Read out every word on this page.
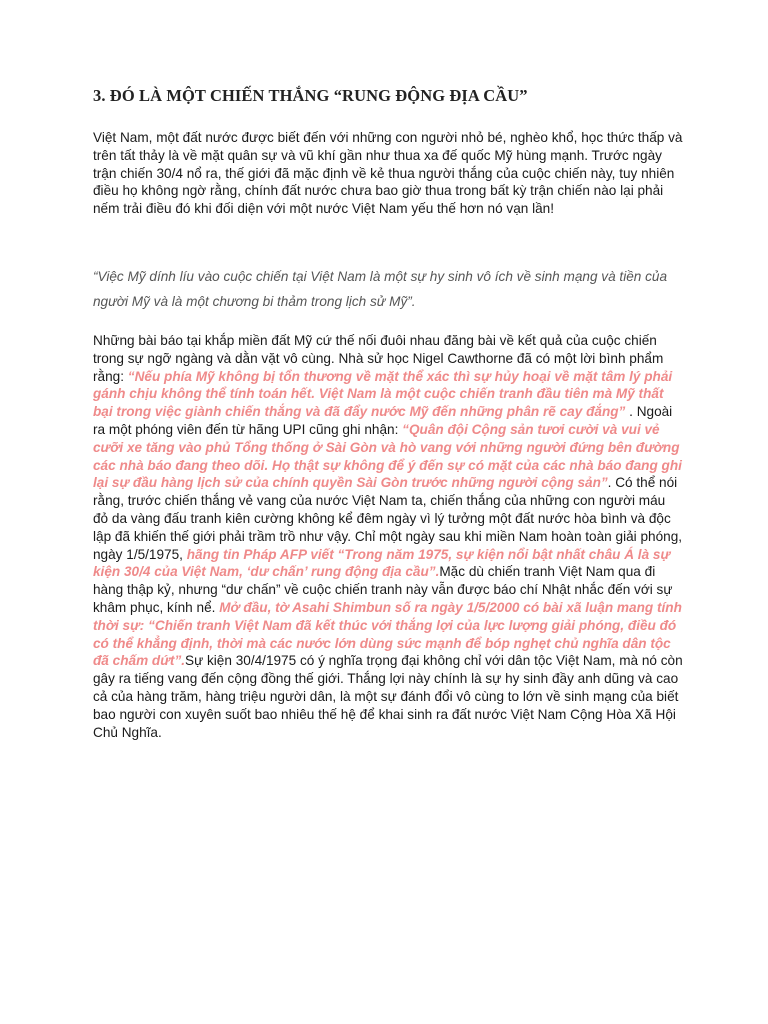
3. ĐÓ LÀ MỘT CHIẾN THẮNG “RUNG ĐỘNG ĐỊA CẦU”
Việt Nam, một đất nước được biết đến với những con người nhỏ bé, nghèo khổ, học thức thấp và trên tất thảy là về mặt quân sự và vũ khí gần như thua xa đế quốc Mỹ hùng mạnh. Trước ngày trận chiến 30/4 nổ ra, thế giới đã mặc định về kẻ thua người thắng của cuộc chiến này, tuy nhiên điều họ không ngờ rằng, chính đất nước chưa bao giờ thua trong bất kỳ trận chiến nào lại phải nếm trải điều đó khi đối diện với một nước Việt Nam yếu thế hơn nó vạn lần!
“Việc Mỹ dính líu vào cuộc chiến tại Việt Nam là một sự hy sinh vô ích về sinh mạng và tiền của người Mỹ và là một chương bi thảm trong lịch sử Mỹ”.
Những bài báo tại khắp miền đất Mỹ cứ thế nối đuôi nhau đăng bài về kết quả của cuộc chiến trong sự ngỡ ngàng và dằn vặt vô cùng. Nhà sử học Nigel Cawthorne đã có một lời bình phẩm rằng: “Nếu phía Mỹ không bị tổn thương về mặt thể xác thì sự hủy hoại về mặt tâm lý phải gánh chịu không thể tính toán hết. Việt Nam là một cuộc chiến tranh đầu tiên mà Mỹ thất bại trong việc giành chiến thắng và đã đẩy nước Mỹ đến những phân rẽ cay đắng” . Ngoài ra một phóng viên đến từ hãng UPI cũng ghi nhận: “Quân đội Cộng sản tươi cười và vui vẻ cưỡi xe tăng vào phủ Tổng thống ở Sài Gòn và hò vang với những người đứng bên đường các nhà báo đang theo dõi. Họ thật sự không để ý đến sự có mặt của các nhà báo đang ghi lại sự đầu hàng lịch sử của chính quyền Sài Gòn trước những người cộng sản”. Có thể nói rằng, trước chiến thắng vẻ vang của nước Việt Nam ta, chiến thắng của những con người máu đỏ da vàng đấu tranh kiên cường không kể đêm ngày vì lý tưởng một đất nước hòa bình và độc lập đã khiến thế giới phải trầm trồ như vậy. Chỉ một ngày sau khi miền Nam hoàn toàn giải phóng, ngày 1/5/1975, hãng tin Pháp AFP viết “Trong năm 1975, sự kiện nổi bật nhất châu Á là sự kiện 30/4 của Việt Nam, ‘dư chấn’ rung động địa cầu”.Mặc dù chiến tranh Việt Nam qua đi hàng thập kỷ, nhưng “dư chấn” về cuộc chiến tranh này vẫn được báo chí Nhật nhắc đến với sự khâm phục, kính nể. Mở đầu, tờ Asahi Shimbun số ra ngày 1/5/2000 có bài xã luận mang tính thời sự: “Chiến tranh Việt Nam đã kết thúc với thắng lợi của lực lượng giải phóng, điều đó có thể khẳng định, thời mà các nước lớn dùng sức mạnh để bóp nghẹt chủ nghĩa dân tộc đã chấm dứt”.Sự kiện 30/4/1975 có ý nghĩa trọng đại không chỉ với dân tộc Việt Nam, mà nó còn gây ra tiếng vang đến cộng đồng thế giới. Thắng lợi này chính là sự hy sinh đầy anh dũng và cao cả của hàng trăm, hàng triệu người dân, là một sự đánh đổi vô cùng to lớn về sinh mạng của biết bao người con xuyên suốt bao nhiêu thế hệ để khai sinh ra đất nước Việt Nam Cộng Hòa Xã Hội Chủ Nghĩa.
